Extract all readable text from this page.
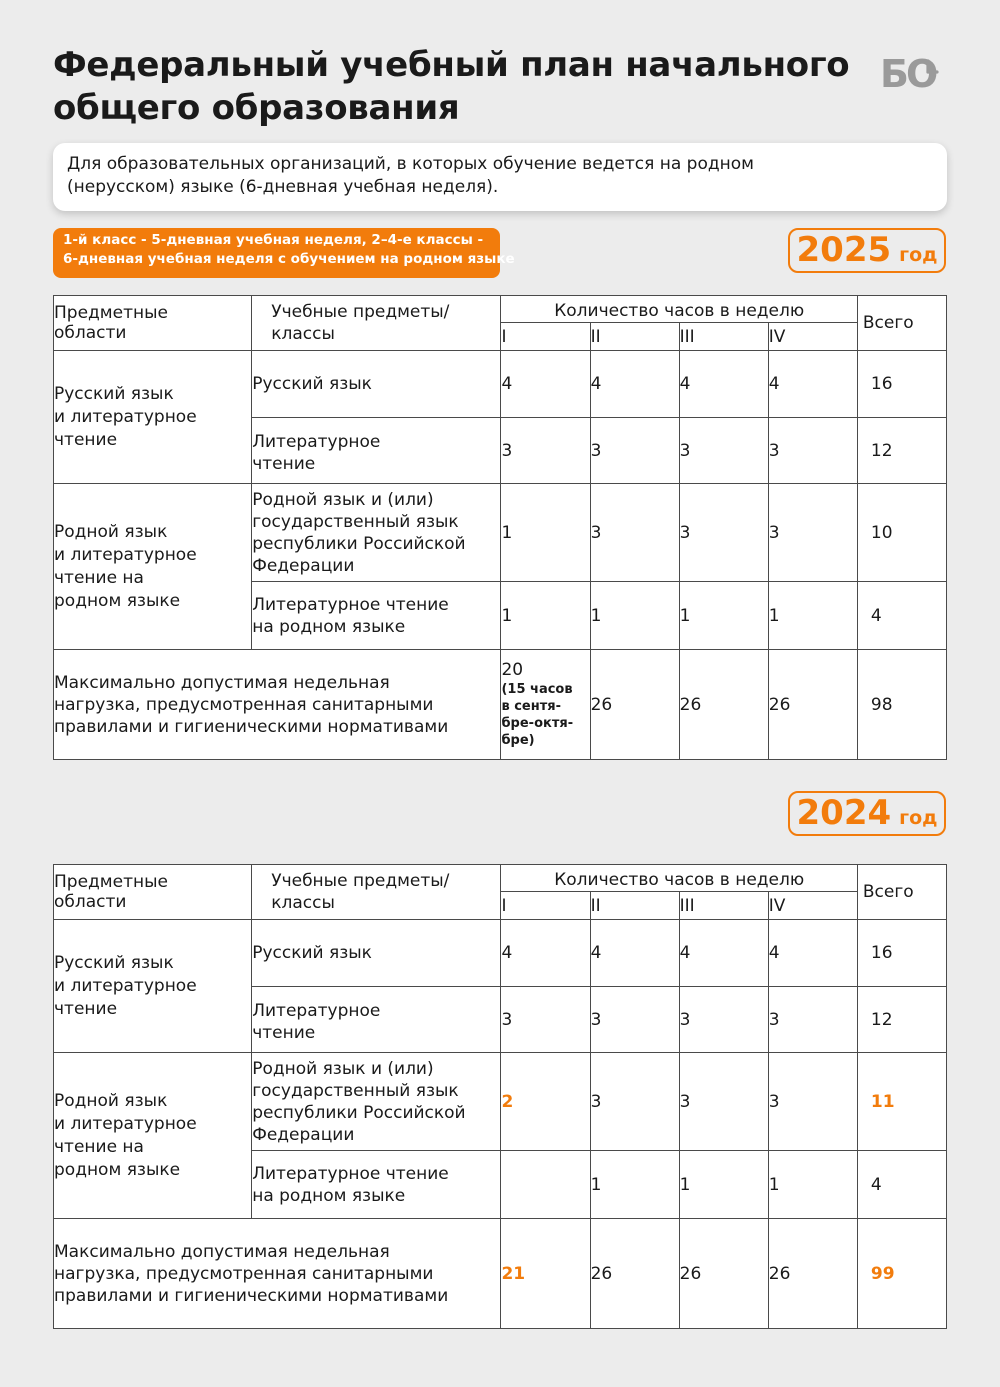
Федеральный учебный план начального
общего образования
БО
Для образовательных организаций, в которых обучение ведется на родном
(нерусском) языке (6-дневная учебная неделя).
1-й класс - 5-дневная учебная неделя, 2–4-е классы -
6-дневная учебная неделя с обучением на родном языке	2025 год
Предметные
области	Учебные предметы/
классы	Количество часов в неделю				Всего
		I	II	III	IV	

Русский язык
и литературное
чтение	Русский язык	4	4	4	4	16

	Литературное
чтение	3	3	3	3	12

Родной язык
и литературное
чтение на
родном языке	Родной язык и (или)
государственный язык
республики Российской
Федерации	1	3	3	3	10

	Литературное чтение
на родном языке	1	1	1	1	4

Максимально допустимая недельная
нагрузка, предусмотренная санитарными
правилами и гигиеническими нормативами		20
(15 часов
в сентя-
бре-октя-
бре)	26	26	26	98
2024 год
Предметные
области	Учебные предметы/
классы	Количество часов в неделю				Всего
		I	II	III	IV	

Русский язык
и литературное
чтение	Русский язык	4	4	4	4	16

	Литературное
чтение	3	3	3	3	12

Родной язык
и литературное
чтение на
родном языке	Родной язык и (или)
государственный язык
республики Российской
Федерации	2	3	3	3	11

	Литературное чтение
на родном языке		1	1	1	4

Максимально допустимая недельная
нагрузка, предусмотренная санитарными
правилами и гигиеническими нормативами		21	26	26	26	99
